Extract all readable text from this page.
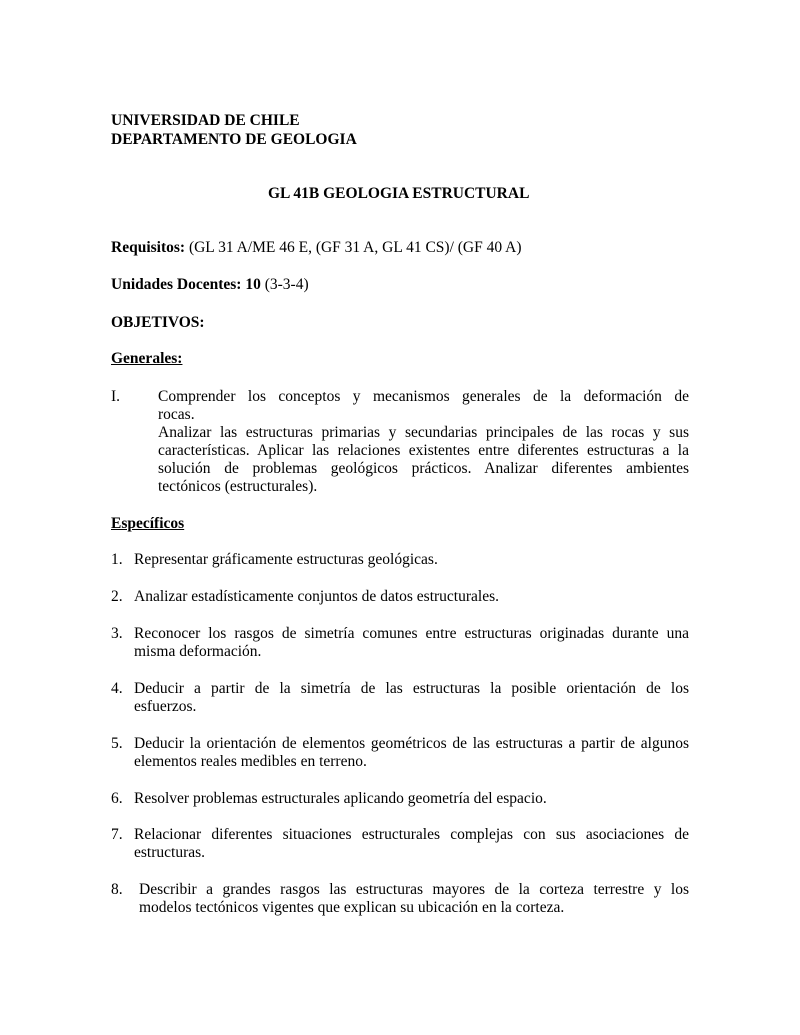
UNIVERSIDAD DE CHILE
DEPARTAMENTO DE GEOLOGIA
GL 41B GEOLOGIA ESTRUCTURAL
Requisitos: (GL 31 A/ME 46 E, (GF 31 A, GL 41 CS)/ (GF 40 A)
Unidades Docentes: 10 (3-3-4)
OBJETIVOS:
Generales:
I. Comprender los conceptos y mecanismos generales de la deformación de

rocas.

Analizar las estructuras primarias y secundarias principales de las rocas y sus

características. Aplicar las relaciones existentes entre diferentes estructuras a la

solución de problemas geológicos prácticos. Analizar diferentes ambientes

tectónicos (estructurales).

Específicos
1. Representar gráficamente estructuras geológicas.
2. Analizar estadísticamente conjuntos de datos estructurales.
3. Reconocer los rasgos de simetría comunes entre estructuras originadas durante una
misma deformación.
4. Deducir a partir de la simetría de las estructuras la posible orientación de los
esfuerzos.
5. Deducir la orientación de elementos geométricos de las estructuras a partir de algunos
elementos reales medibles en terreno.
6. Resolver problemas estructurales aplicando geometría del espacio.
7. Relacionar diferentes situaciones estructurales complejas con sus asociaciones de
estructuras.
8. Describir a grandes rasgos las estructuras mayores de la corteza terrestre y los
modelos tectónicos vigentes que explican su ubicación en la corteza.
